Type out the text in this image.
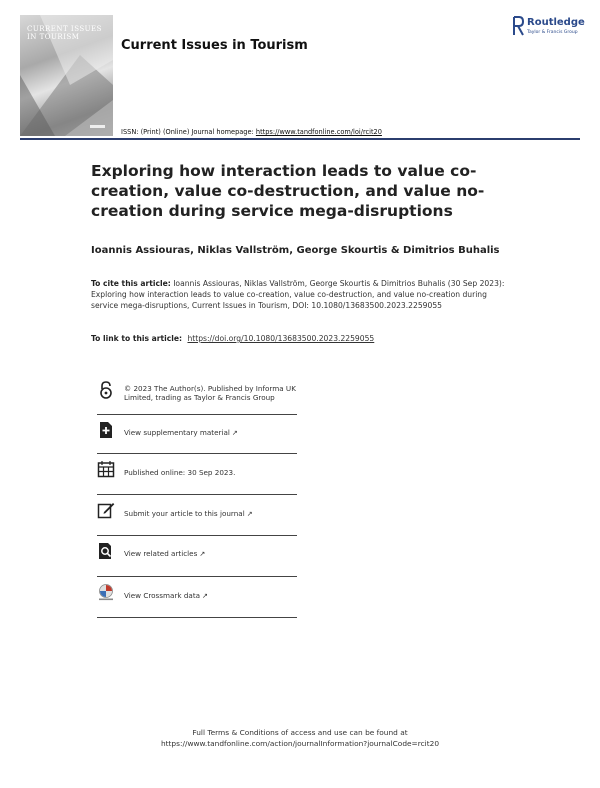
CURRENT ISSUES
IN TOURISM
Current Issues in Tourism
Routledge
Taylor & Francis Group
ISSN: (Print) (Online) Journal homepage: https://www.tandfonline.com/loi/rcit20
Exploring how interaction leads to value co-creation, value co-destruction, and value no-creation during service mega-disruptions
Ioannis Assiouras, Niklas Vallström, George Skourtis & Dimitrios Buhalis
To cite this article: Ioannis Assiouras, Niklas Vallström, George Skourtis & Dimitrios Buhalis (30 Sep 2023): Exploring how interaction leads to value co-creation, value co-destruction, and value no-creation during service mega-disruptions, Current Issues in Tourism, DOI: 10.1080/13683500.2023.2259055
To link to this article: https://doi.org/10.1080/13683500.2023.2259055
© 2023 The Author(s). Published by Informa UK Limited, trading as Taylor & Francis Group
View supplementary material ↗
Published online: 30 Sep 2023.
Submit your article to this journal ↗
View related articles ↗
View Crossmark data ↗
Full Terms & Conditions of access and use can be found at
https://www.tandfonline.com/action/journalInformation?journalCode=rcit20
